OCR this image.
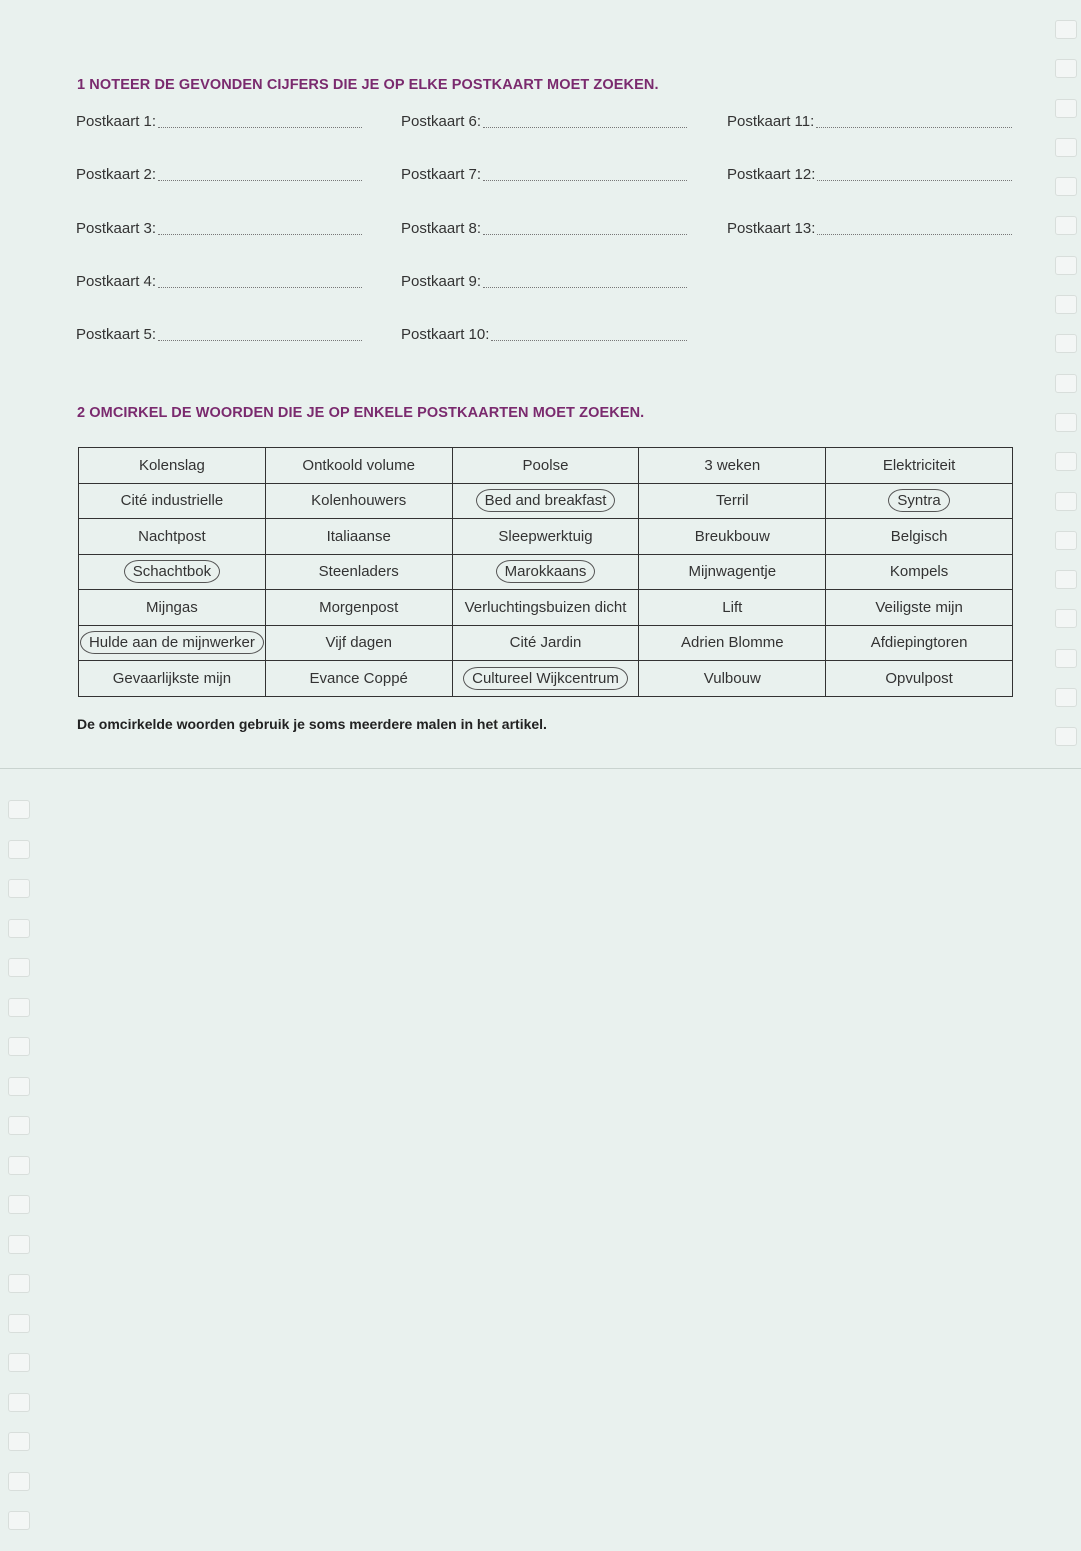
1 NOTEER DE GEVONDEN CIJFERS DIE JE OP ELKE POSTKAART MOET ZOEKEN.
Postkaart 1:
Postkaart 2:
Postkaart 3:
Postkaart 4:
Postkaart 5:
Postkaart 6:
Postkaart 7:
Postkaart 8:
Postkaart 9:
Postkaart 10:
Postkaart 11:
Postkaart 12:
Postkaart 13:
2 OMCIRKEL DE WOORDEN DIE JE OP ENKELE POSTKAARTEN MOET ZOEKEN.
Kolenslag	Ontkoold volume	Poolse	3 weken	Elektriciteit
Cité industrielle	Kolenhouwers	Bed and breakfast	Terril	Syntra
Nachtpost	Italiaanse	Sleepwerktuig	Breukbouw	Belgisch
Schachtbok	Steenladers	Marokkaans	Mijnwagentje	Kompels
Mijngas	Morgenpost	Verluchtingsbuizen dicht	Lift	Veiligste mijn
Hulde aan de mijnwerker	Vijf dagen	Cité Jardin	Adrien Blomme	Afdiepingtoren
Gevaarlijkste mijn	Evance Coppé	Cultureel Wijkcentrum	Vulbouw	Opvulpost
De omcirkelde woorden gebruik je soms meerdere malen in het artikel.
